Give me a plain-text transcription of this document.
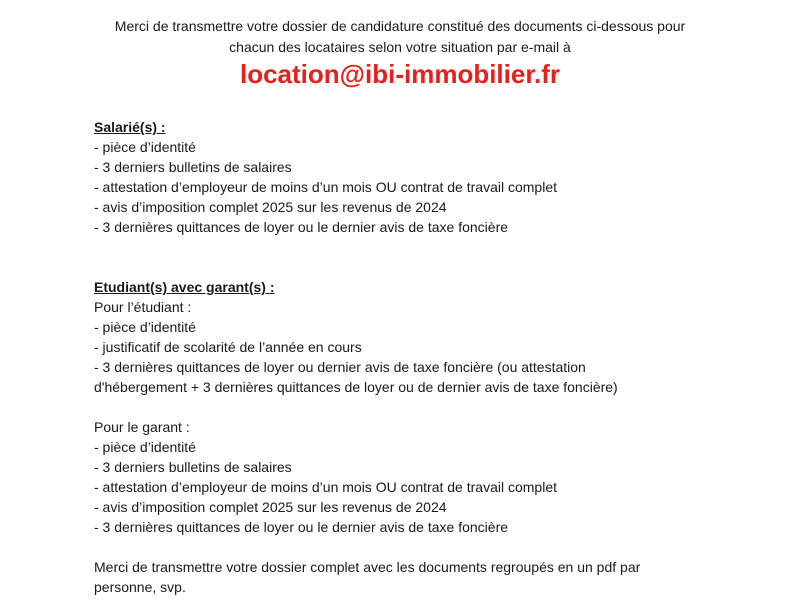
Merci de transmettre votre dossier de candidature constitué des documents ci-dessous pour
chacun des locataires selon votre situation par e-mail à
location@ibi-immobilier.fr
Salarié(s) :
- pièce d’identité
- 3 derniers bulletins de salaires
- attestation d’employeur de moins d’un mois OU contrat de travail complet
- avis d’imposition complet 2025 sur les revenus de 2024
- 3 dernières quittances de loyer ou le dernier avis de taxe foncière
Etudiant(s) avec garant(s) :
Pour l’étudiant :
- pièce d’identité
- justificatif de scolarité de l’année en cours
- 3 dernières quittances de loyer ou dernier avis de taxe foncière (ou attestation
d'hébergement + 3 dernières quittances de loyer ou de dernier avis de taxe foncière)
Pour le garant :
- pièce d’identité
- 3 derniers bulletins de salaires
- attestation d’employeur de moins d’un mois OU contrat de travail complet
- avis d’imposition complet 2025 sur les revenus de 2024
- 3 dernières quittances de loyer ou le dernier avis de taxe foncière
Merci de transmettre votre dossier complet avec les documents regroupés en un pdf par
personne, svp.
